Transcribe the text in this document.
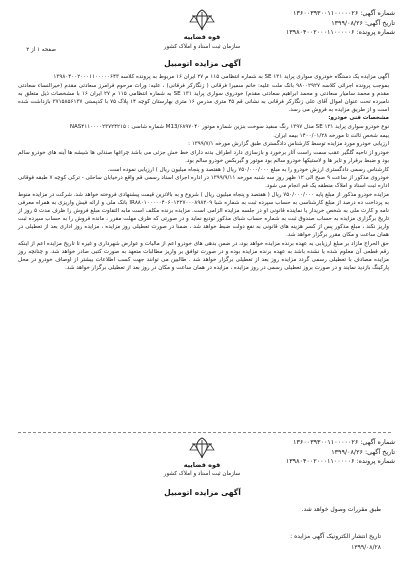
شماره آگهی: ۱۳۶۰۰۳۹۳۰۰۱۱۰۰۰۰۰۲۶
تاریخ آگهی: ۱۳۹۹/۰۸/۲۶
شماره پرونده: ۱۳۹۸۰۴۰۰۲۰۰۰۱۱۰۰۰۰۰۶
قوه قضاییه
سازمان ثبت اسناد و املاک کشور
صفحه ۱ از ۲
آگهی مزایده اتومبیل

آگهی مزایده یک دستگاه خودروی سواری پراید ۱۳۱ SE به شماره انتظامی ۱۱۵ م ۲۷ ایران ۱۶ مربوط به پرونده کلاسه ۱۳۹۸۰۴۰۰۲۰۰۰۱۱۰۰۰۰۰۶۴۳

بموجب پرونده اجرائی کلاسه ۹۸۰۰۲۹۲۷ بانک ملت علیه: خانم سمیرا فرقانی ( زنگارکر فرقانی) ، علیه: وراث مرحوم فرامرز سعادتی مقدم (خیرالنساء سعادتی مقدم و محمد سامیار سعادتی و محمد ابراهیم سعادتی مقدم) خودروی سواری پراید ۱۳۱ SE به شماره انتظامی ۱۱۵ م ۲۷ ایران ۱۶ با مشخصات ذیل متعلق به نامبرده تحت عنوان اموال آقای علی زنگارکر فرقانی به نشانی قم ۴۵ متری مدرس ۱۶ متری بهارستان کوچه ۱۴ پلاک ۷۵ با کدپستی ۳۷۱۵۸۵۶۱۳۷ بازداشت شده است و از طریق مزایده به فروش می رسد.

مشخصات فنی خودرو:

نوع خودرو سواری پراید ۱۳۱ SE مدل ۱۳۹۷ رنگ سفید سوخت بنزین شماره موتور M13/۶۸۹۷۰۴۰ شماره شاسی : NAS۴۱۱۰۰۰۰۲۳۷۲۴۲۱۵

بیمه شخص ثالث تا مورخه ۱۴۰۰/۰۱/۲۸ بیمه ایران.

ارزیابی خودرو مورد مزایده توسط کارشناس دادگستری طبق گزارش مورخه ۱۳۹۹/۷/۱ :

خودرو از ناحیه گلگیر عقب سمت راست آثار برخورد و بازسازی دارد اطراف بدنه دارای خط خش جزئی می باشد چراغها صندلی ها شیشه ها آینه های خودرو سالم بود و ضبط برقرار و تایر ها و لاستیکها خودرو سالم بود موتور و گیربکس خودرو سالم بود.

کارشناس رسمی دادگستری ارزش خودرو را به مبلغ ۷۵۰/۰۰۰/۰۰۰ ریال ( هفتصد و پنجاه میلیون ریال ) ارزیابی نموده است.

خودروی مذکور از ساعت ۹ صبح الی ۱۲ ظهر روز سه شنبه مورخه ۱۳۹۹/۹/۱۱ در اداره اجرای اسناد رسمی قم واقع درخیابان ساحلی - ترکی کوچه ۷ طبقه فوقانی اداره ثبت اسناد و املاک منطقه یک قم انجام می شود.

مزایده خودرو مذکور از مبلغ پایه ۷۵۰/۰۰۰/۰۰۰ ریال ( هفتصد و پنجاه میلیون ریال ) شروع و به بالاترین قیمت پیشنهادی فروخته خواهد شد. شرکت در مزایده منوط به پرداخت ده درصد از مبلغ کارشناسی به حساب سپرده ثبت به شماره شبا IR۸۸۰۱۰۰۰۰۰۴۰۶۰۱۲۲۷۰۰۰۸۹۸۲۰۹ بانک ملی و ارائه فیش واریزی به همراه معرفی نامه و کارت ملی به شخص خریدار یا نماینده قانونی او در جلسه مزایده الزامی است. مزایده برنده مکلف است مابه التفاوت مبلغ فروش را ظرف مدت ۵ روز از تاریخ برگزاری مزایده به حساب صندوق ثبت به شماره حساب شبای مذکور تودیع نماید و در صورتی که ظرف مهلت مقرر ، مانده فروش را به حساب سپرده ثبت واریز نکند ، مبلغ مذکور پس از کسر هزینه های قانونی به نفع دولت ضبط خواهد شد ، ضمنا در صورت تعطیلی روز مزایده ، مزایده روز اداری بعد از تعطیلی در همان ساعت و مکان مقرر برگزار خواهد شد.

حق الحراج مازاد بر مبلغ ارزیابی به عهده برنده مزایده خواهد بود، در ضمن بدهی های خودرو اعم از مالیات و عوارض شهرداری و غیره تا تاریخ مزایده اعم از اینکه رقم قطعی آن معلوم شده یا نشده باشد به عهده برنده مزایده بوده و در صورت توافق بر واریز مطالبات متعهد به صورت کتبی صادر خواهد شد. و چنانچه روز مزایده مصادف با تعطیلی رسمی گردد مزایده روز بعد از تعطیلی برگزار خواهد شد . طالبین می توانند جهت کسب اطلاعات بیشتر از اوصاف خودرو در محل پارکینگ بازدید نمایند و در صورت بروز تعطیلی رسمی در روز مزایده ، مزایده در همان ساعت و مکان در روز بعد از تعطیلی برگزار خواهد شد.

شماره آگهی: ۱۳۶۰۰۳۹۳۰۰۱۱۰۰۰۰۰۲۶
تاریخ آگهی: ۱۳۹۹/۰۸/۲۶
شماره پرونده: ۱۳۹۸۰۴۰۰۲۰۰۰۱۱۰۰۰۰۰۶
قوه قضاییه
سازمان ثبت اسناد و املاک کشور
آگهی مزایده اتومبیل
طبق مقررات وصول خواهد شد.
تاریخ انتشار الکترونیک آگهی مزایده :
۱۳۹۹/۰۸/۲۸
